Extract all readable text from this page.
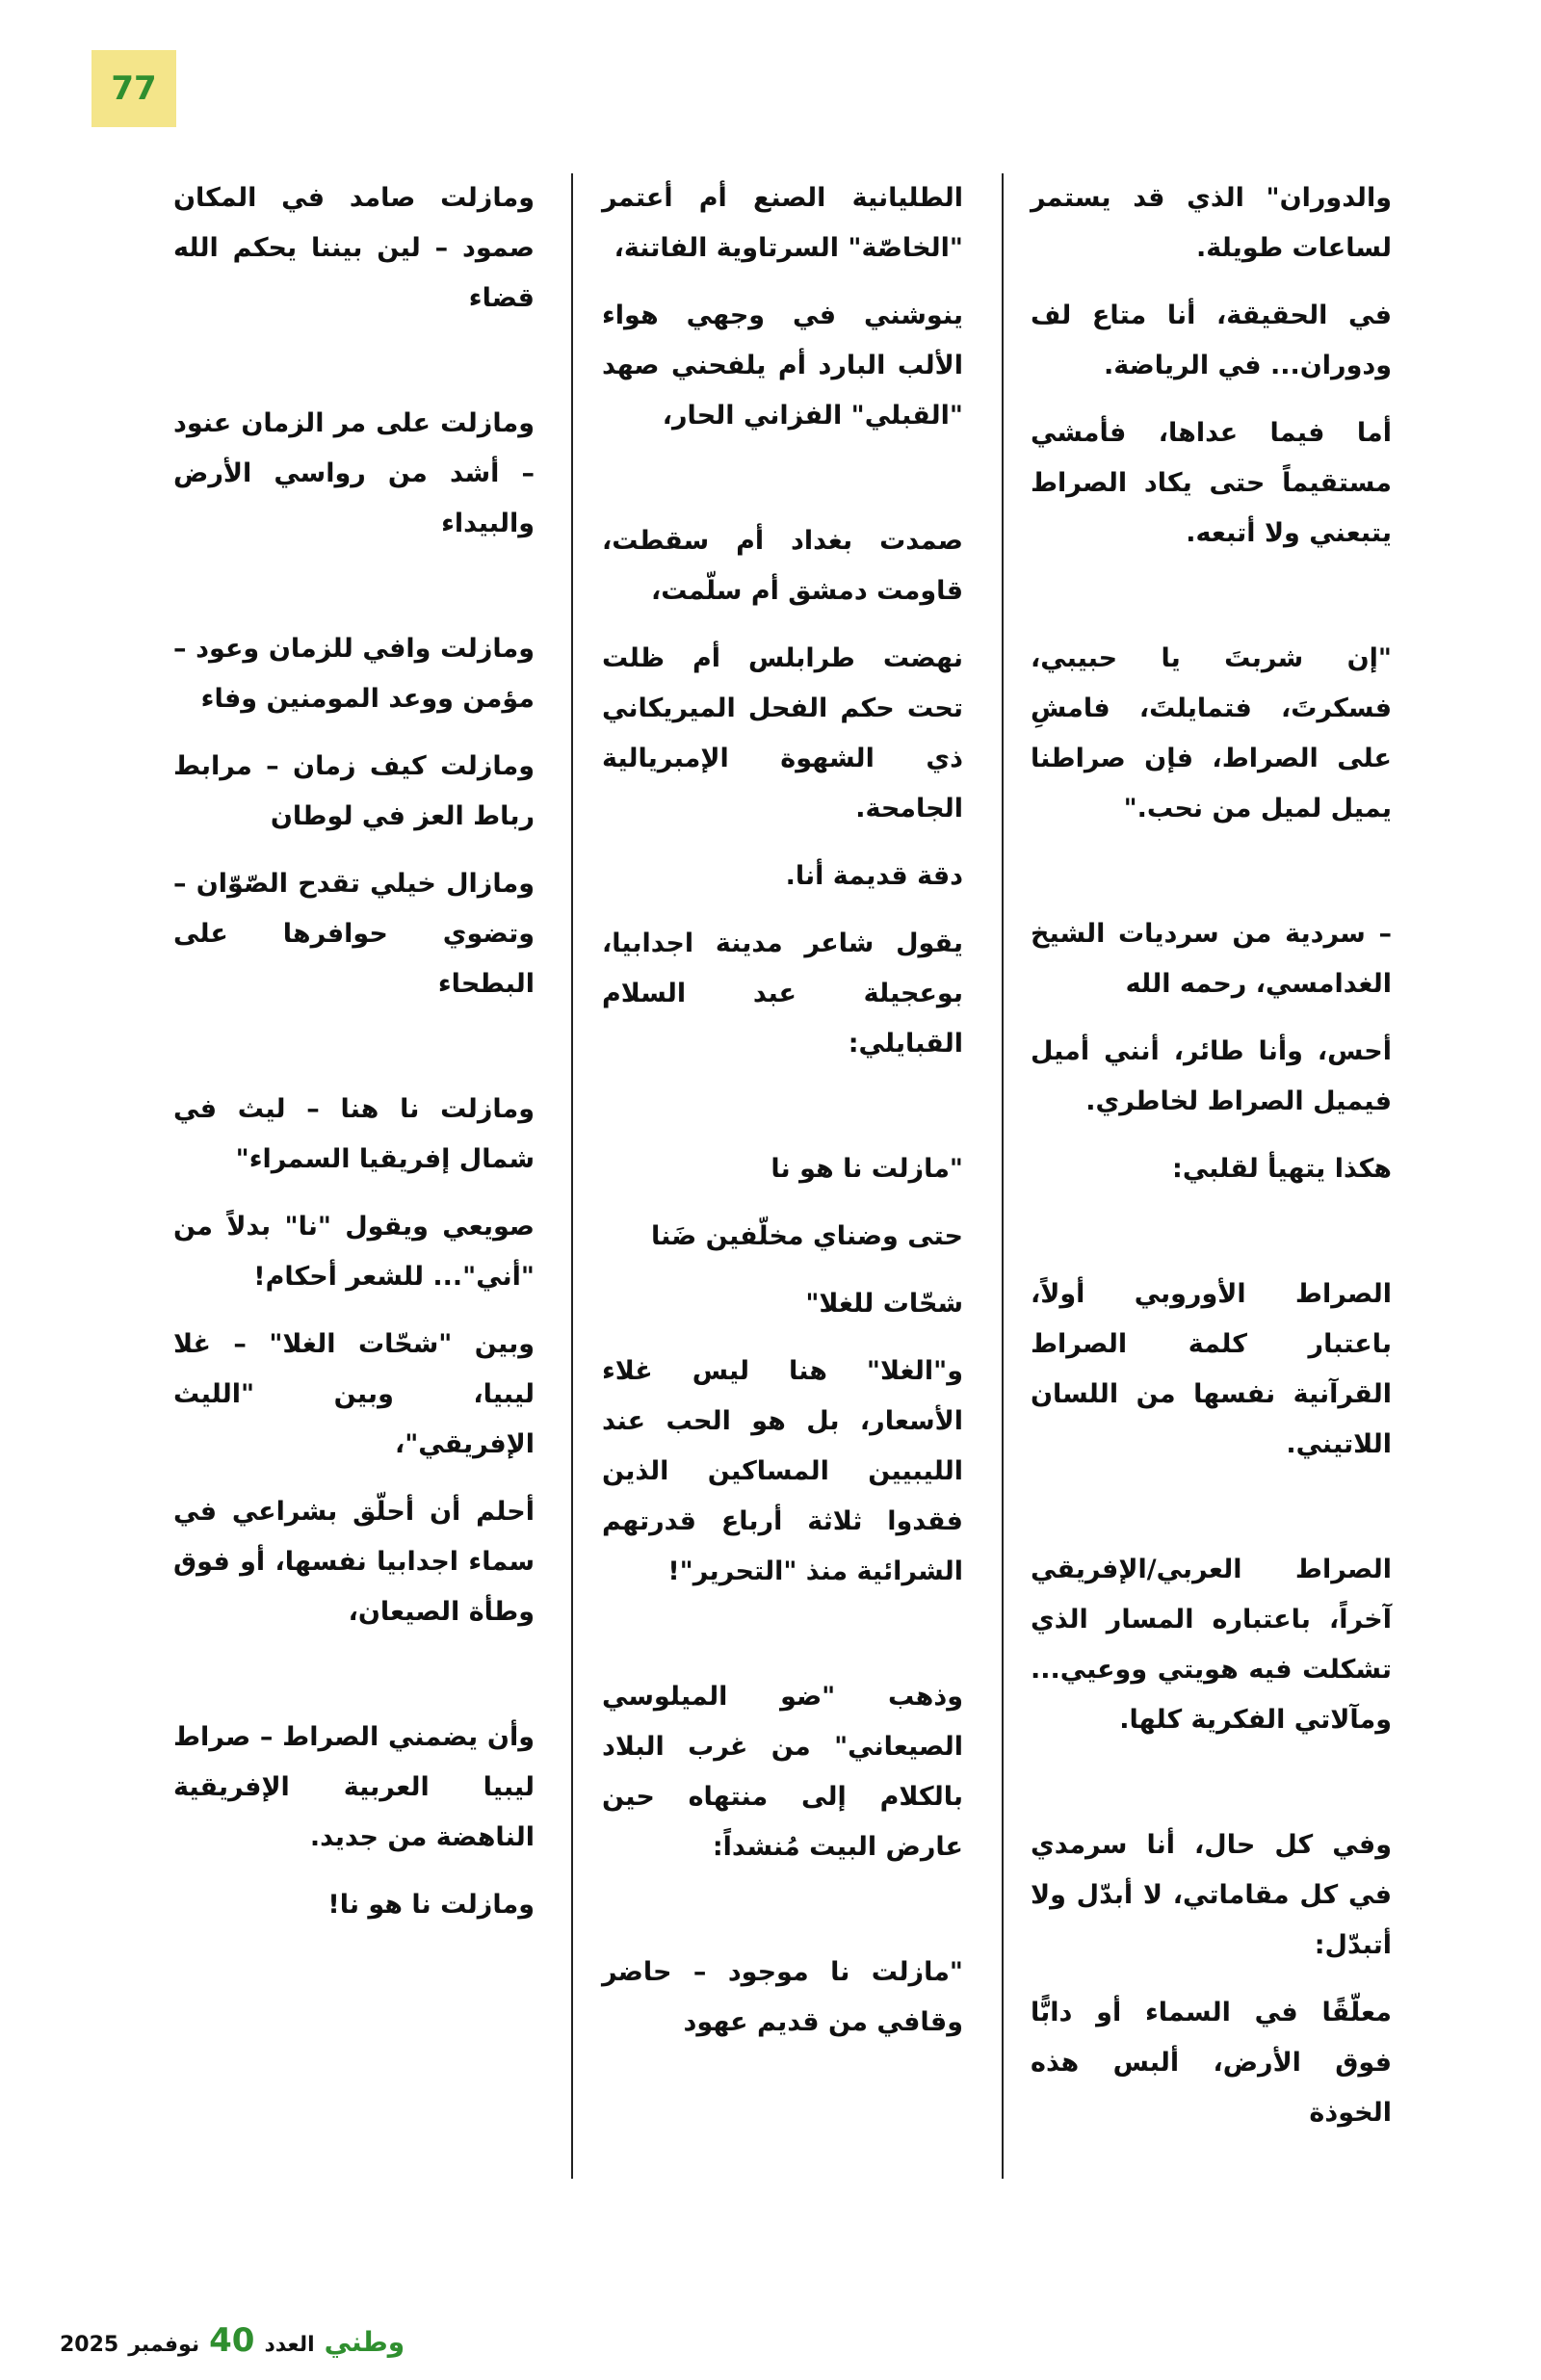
77

والدوران" الذي قد يستمر لساعات طويلة.

في الحقيقة، أنا متاع لف ودوران... في الرياضة.

أما فيما عداها، فأمشي مستقيماً حتى يكاد الصراط يتبعني ولا أتبعه.

"إن شربتَ يا حبيبي، فسكرتَ، فتمايلتَ، فامشِ على الصراط، فإن صراطنا يميل لميل من نحب."

– سردية من سرديات الشيخ الغدامسي، رحمه الله

أحس، وأنا طائر، أنني أميل فيميل الصراط لخاطري.

هكذا يتهيأ لقلبي:

الصراط الأوروبي أولاً، باعتبار كلمة الصراط القرآنية نفسها من اللسان اللاتيني.

الصراط العربي/الإفريقي آخراً، باعتباره المسار الذي تشكلت فيه هويتي ووعيي... ومآلاتي الفكرية كلها.

وفي كل حال، أنا سرمدي في كل مقاماتي، لا أبدّل ولا أتبدّل:

معلّقًا في السماء أو دابًّا فوق الأرض، ألبس هذه الخوذة

الطليانية الصنع أم أعتمر "الخاصّة" السرتاوية الفاتنة،

ينوشني في وجهي هواء الألب البارد أم يلفحني صهد "القبلي" الفزاني الحار،

صمدت بغداد أم سقطت، قاومت دمشق أم سلّمت،

نهضت طرابلس أم ظلت تحت حكم الفحل الميريكاني ذي الشهوة الإمبريالية الجامحة.

دقة قديمة أنا.

يقول شاعر مدينة اجدابيا، بوعجيلة عبد السلام القبايلي:

"مازلت نا هو نا

حتى وضناي مخلّفين ضَنا

شحّات للغلا"

و"الغلا" هنا ليس غلاء الأسعار، بل هو الحب عند الليبيين المساكين الذين فقدوا ثلاثة أرباع قدرتهم الشرائية منذ "التحرير"!

وذهب "ضو الميلوسي الصيعاني" من غرب البلاد بالكلام إلى منتهاه حين عارض البيت مُنشداً:

"مازلت نا موجود – حاضر وقافي من قديم عهود

ومازلت صامد في المكان صمود – لين بيننا يحكم الله قضاء

ومازلت على مر الزمان عنود – أشد من رواسي الأرض والبيداء

ومازلت وافي للزمان وعود – مؤمن ووعد المومنين وفاء

ومازلت كيف زمان – مرابط رباط العز في لوطان

ومازال خيلي تقدح الصّوّان – وتضوي حوافرها على البطحاء

ومازلت نا هنا – ليث في شمال إفريقيا السمراء"

صويعي ويقول "نا" بدلاً من "أني"... للشعر أحكام!

وبين "شحّات الغلا" – غلا ليبيا، وبين "الليث الإفريقي"،

أحلم أن أحلّق بشراعي في سماء اجدابيا نفسها، أو فوق وطأة الصيعان،

وأن يضمني الصراط – صراط ليبيا العربية الإفريقية الناهضة من جديد.

ومازلت نا هو نا!

وطني
العدد
40
نوفمبر
2025
